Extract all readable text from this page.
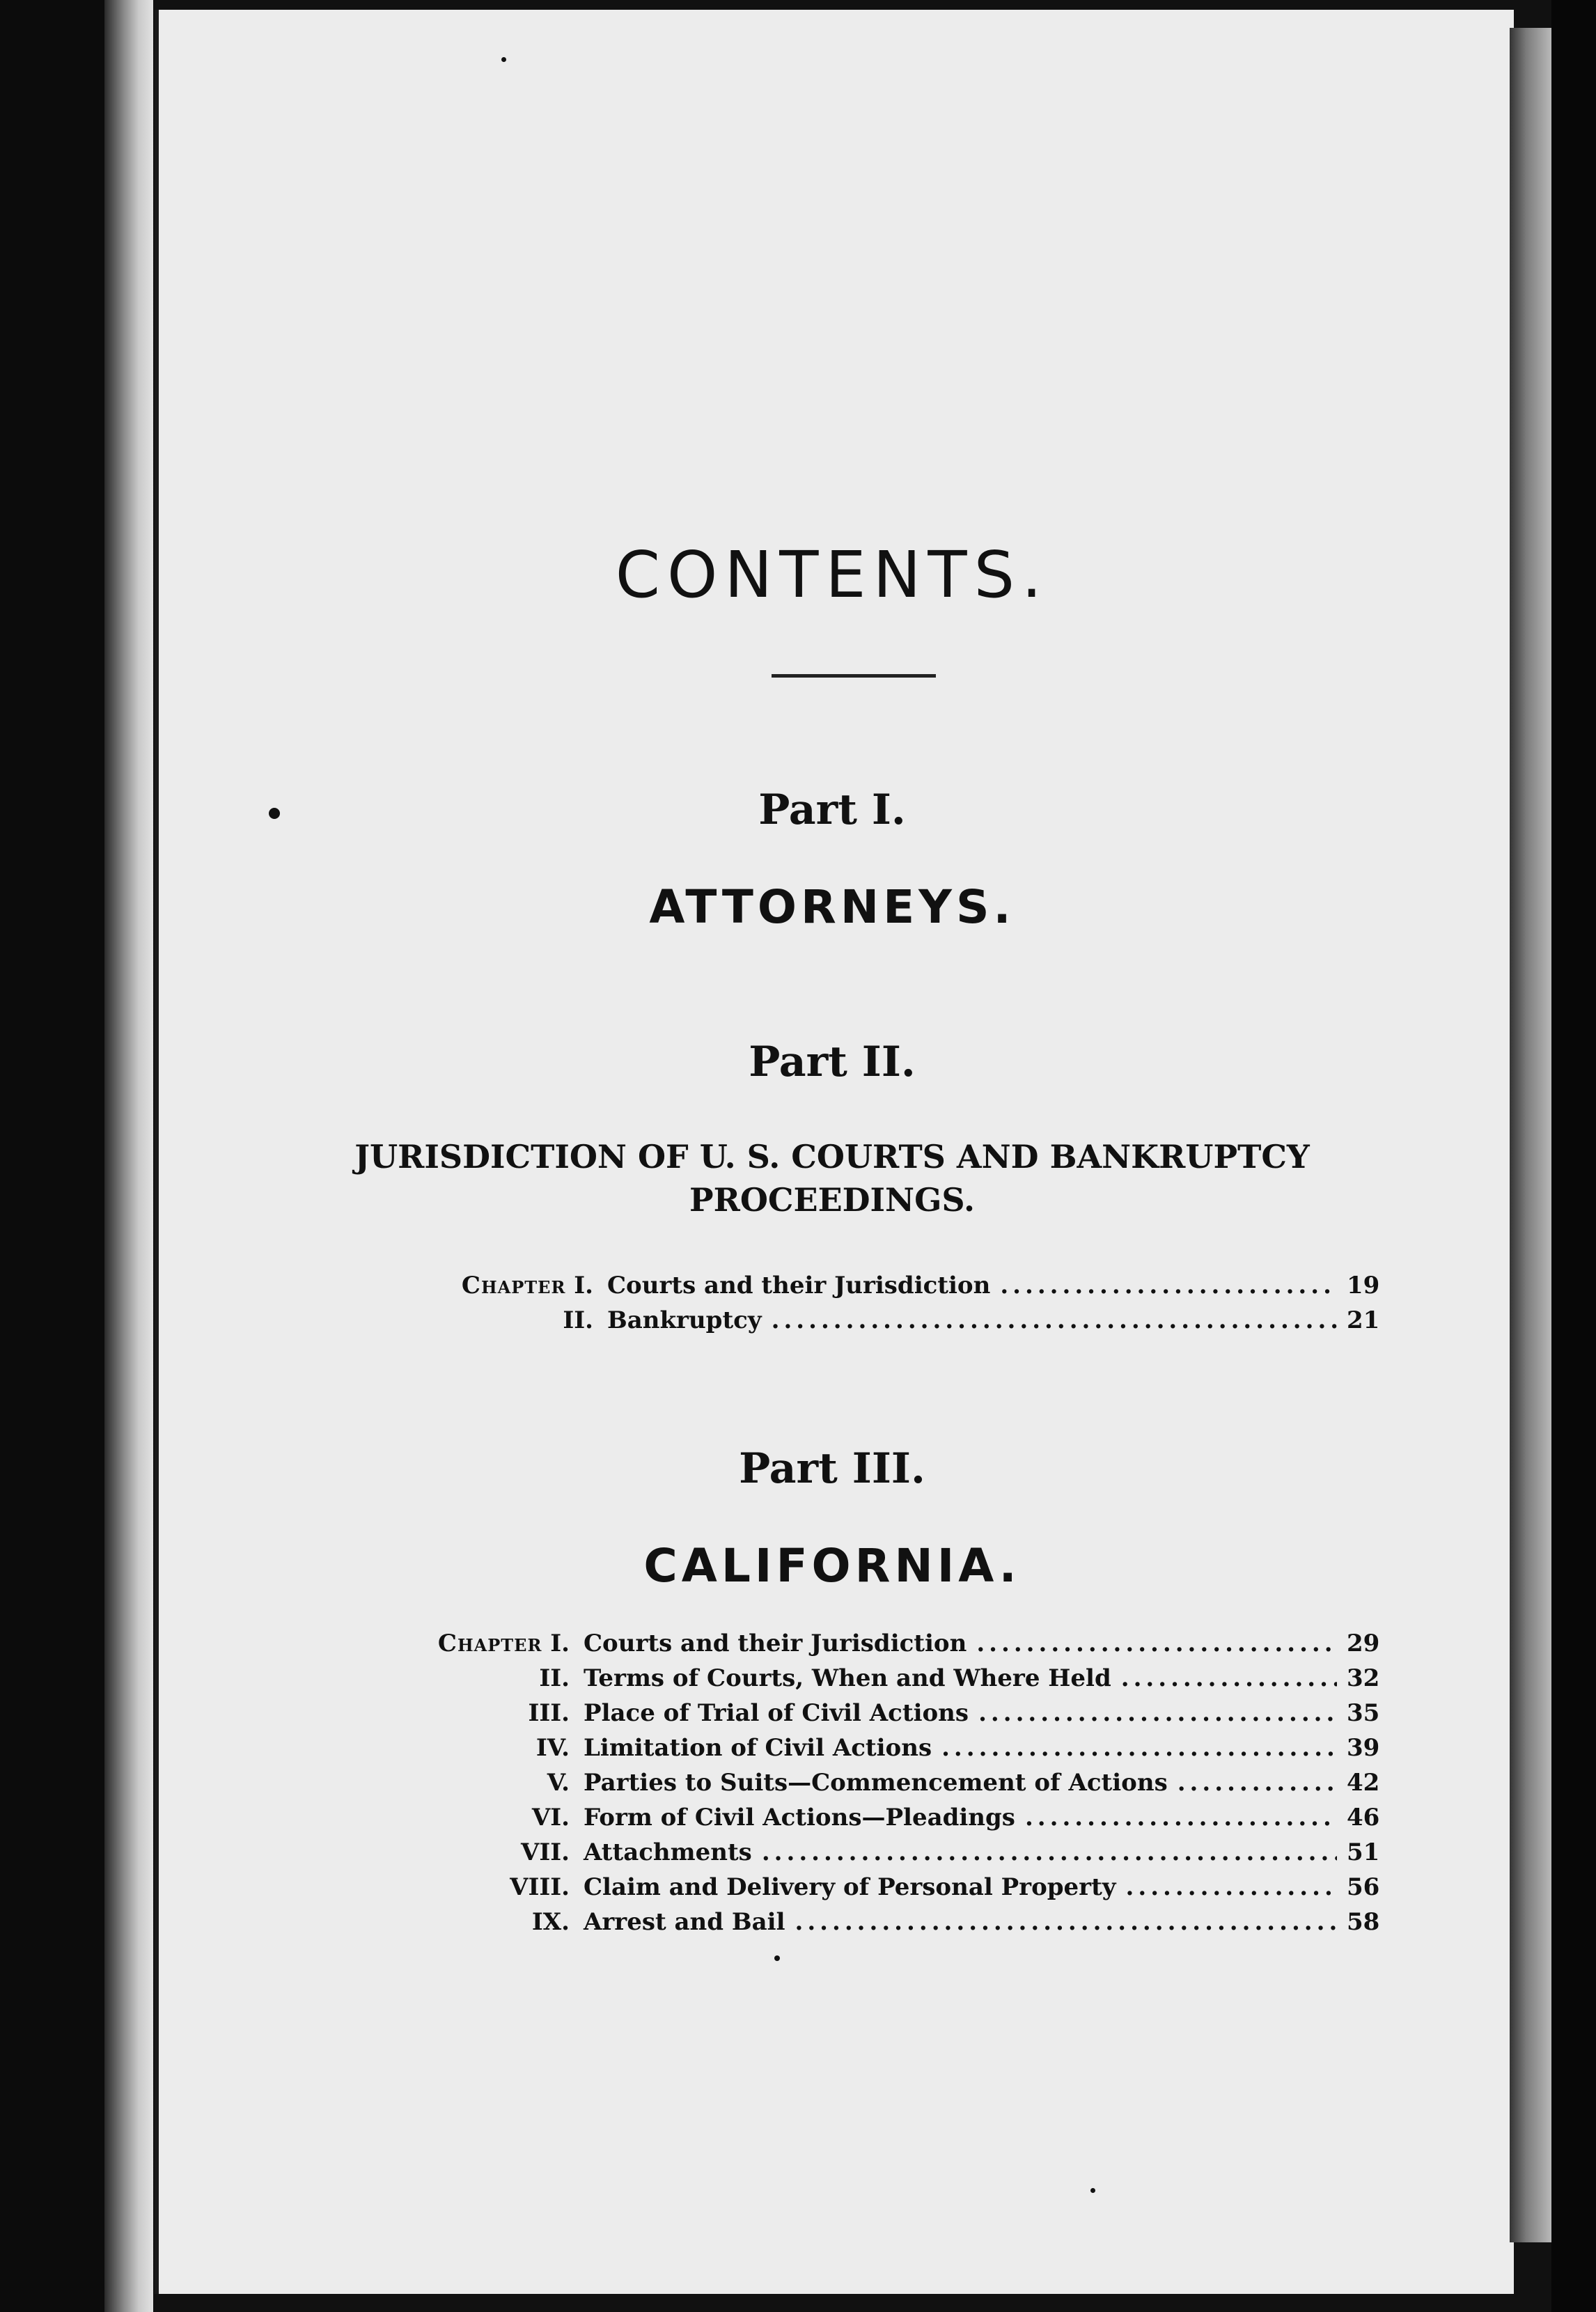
CONTENTS.
Part I.
ATTORNEYS.
Part II.
JURISDICTION OF U. S. COURTS AND BANKRUPTCY
PROCEEDINGS.
Chapter I. Courts and their Jurisdiction .....	19
II. Bankruptcy .....	21
Part III.
CALIFORNIA.
Chapter I. Courts and their Jurisdiction .....	29
II. Terms of Courts, When and Where Held .....	32
III. Place of Trial of Civil Actions .....	35
IV. Limitation of Civil Actions .....	39
V. Parties to Suits—Commencement of Actions .....	42
VI. Form of Civil Actions—Pleadings .....	46
VII. Attachments .....	51
VIII. Claim and Delivery of Personal Property .....	56
IX. Arrest and Bail .....	58
